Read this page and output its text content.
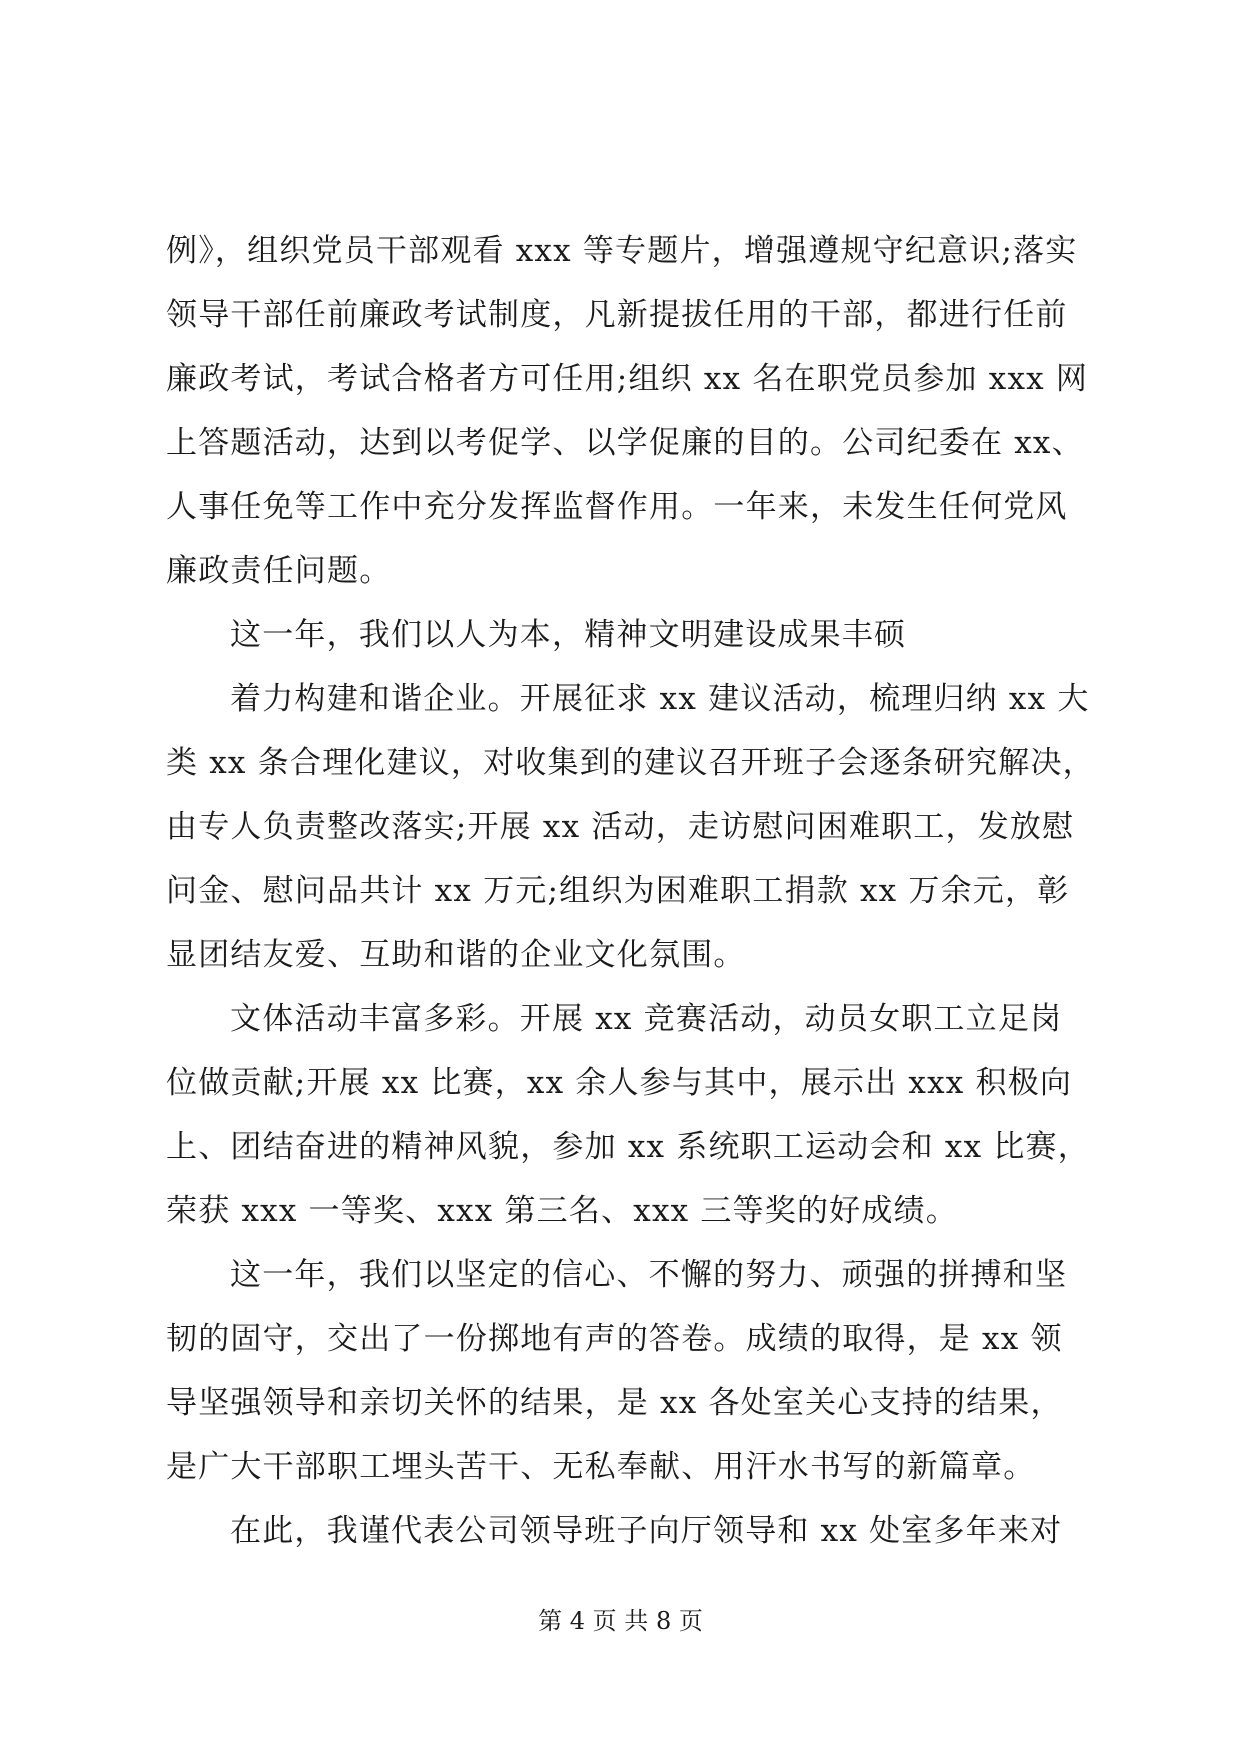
例》，组织党员干部观看 xxx 等专题片，增强遵规守纪意识;落实
领导干部任前廉政考试制度，凡新提拔任用的干部，都进行任前
廉政考试，考试合格者方可任用;组织 xx 名在职党员参加 xxx 网
上答题活动，达到以考促学、以学促廉的目的。公司纪委在 xx、
人事任免等工作中充分发挥监督作用。一年来，未发生任何党风
廉政责任问题。
这一年，我们以人为本，精神文明建设成果丰硕
着力构建和谐企业。开展征求 xx 建议活动，梳理归纳 xx 大
类 xx 条合理化建议，对收集到的建议召开班子会逐条研究解决，
由专人负责整改落实;开展 xx 活动，走访慰问困难职工，发放慰
问金、慰问品共计 xx 万元;组织为困难职工捐款 xx 万余元，彰
显团结友爱、互助和谐的企业文化氛围。
文体活动丰富多彩。开展 xx 竞赛活动，动员女职工立足岗
位做贡献;开展 xx 比赛，xx 余人参与其中，展示出 xxx 积极向
上、团结奋进的精神风貌，参加 xx 系统职工运动会和 xx 比赛，
荣获 xxx 一等奖、xxx 第三名、xxx 三等奖的好成绩。
这一年，我们以坚定的信心、不懈的努力、顽强的拼搏和坚
韧的固守，交出了一份掷地有声的答卷。成绩的取得，是 xx 领
导坚强领导和亲切关怀的结果，是 xx 各处室关心支持的结果，
是广大干部职工埋头苦干、无私奉献、用汗水书写的新篇章。
在此，我谨代表公司领导班子向厅领导和 xx 处室多年来对
第 4 页 共 8 页
